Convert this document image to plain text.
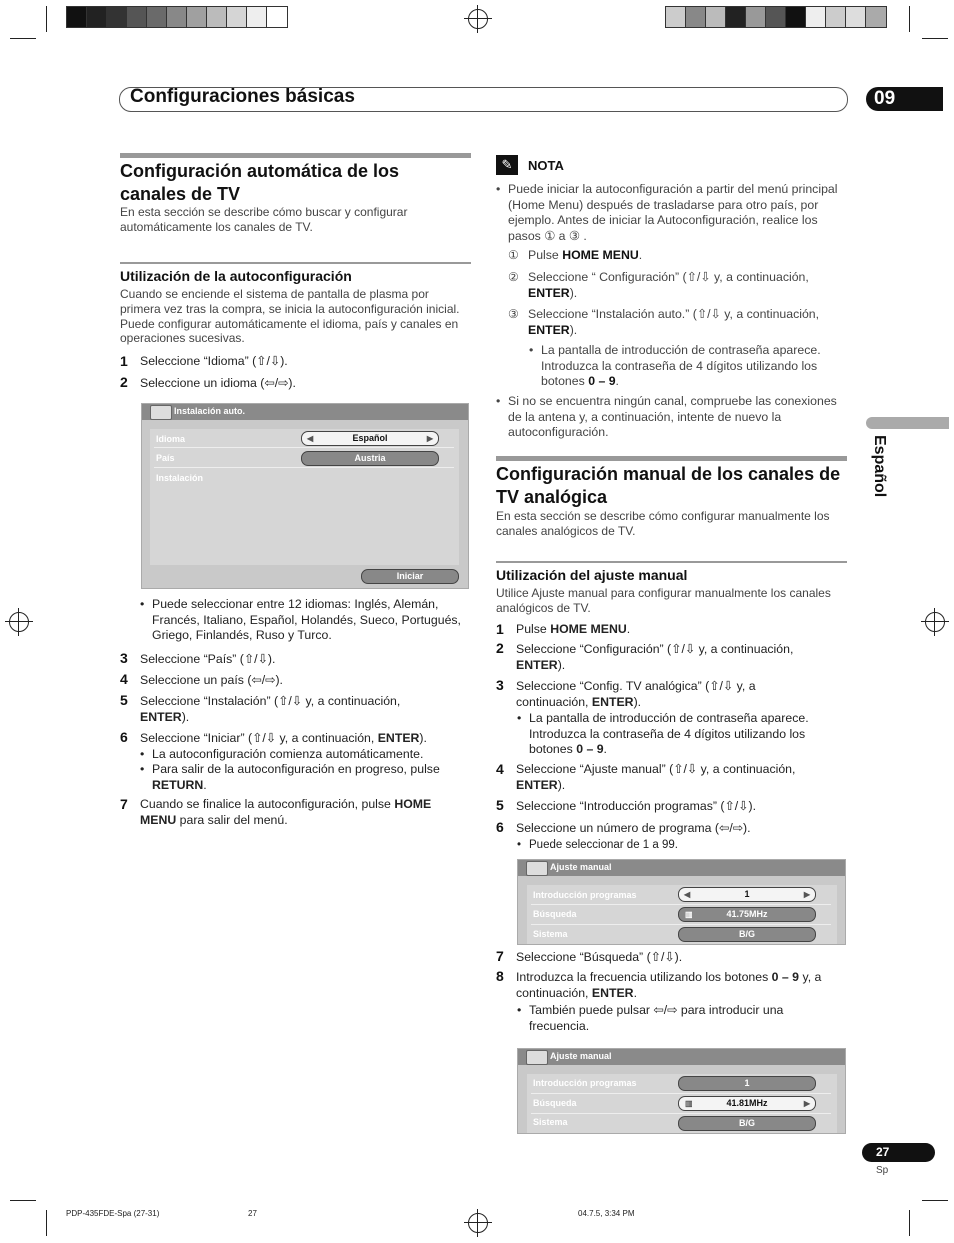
Configuraciones básicas	09
Español
Configuración automática de los canales de TV
En esta sección se describe cómo buscar y configurar automáticamente los canales de TV.
Utilización de la autoconfiguración
Cuando se enciende el sistema de pantalla de plasma por primera vez tras la compra, se inicia la autoconfiguración inicial. Puede configurar automáticamente el idioma, país y canales en operaciones sucesivas.
1 Seleccione “Idioma” (⇧/⇩).
2 Seleccione un idioma (⇦/⇨).
Instalación auto.
Idioma	◀	Español	▶
País	Austria
Instalación
Iniciar
• Puede seleccionar entre 12 idiomas: Inglés, Alemán, Francés, Italiano, Español, Holandés, Sueco, Portugués, Griego, Finlandés, Ruso y Turco.
3 Seleccione “País” (⇧/⇩).
4 Seleccione un país (⇦/⇨).
5 Seleccione “Instalación” (⇧/⇩ y, a continuación,
ENTER).
6 Seleccione “Iniciar” (⇧/⇩ y, a continuación, ENTER).
• La autoconfiguración comienza automáticamente.
• Para salir de la autoconfiguración en progreso, pulse
RETURN.
7 Cuando se finalice la autoconfiguración, pulse HOME
MENU para salir del menú.
✎	NOTA
• Puede iniciar la autoconfiguración a partir del menú principal (Home Menu) después de trasladarse para otro país, por ejemplo. Antes de iniciar la Autoconfiguración, realice los pasos ① a ③ .
① Pulse HOME MENU.
② Seleccione “ Configuración” (⇧/⇩ y, a continuación,
ENTER).
③ Seleccione “Instalación auto.” (⇧/⇩ y, a continuación,
ENTER).
• La pantalla de introducción de contraseña aparece. Introduzca la contraseña de 4 dígitos utilizando los botones 0 – 9.
• Si no se encuentra ningún canal, compruebe las conexiones de la antena y, a continuación, intente de nuevo la autoconfiguración.
Configuración manual de los canales de TV analógica
En esta sección se describe cómo configurar manualmente los canales analógicos de TV.
Utilización del ajuste manual
Utilice Ajuste manual para configurar manualmente los canales analógicos de TV.
1 Pulse HOME MENU.
2 Seleccione “Configuración” (⇧/⇩ y, a continuación,
ENTER).
3 Seleccione “Config. TV analógica” (⇧/⇩ y, a continuación, ENTER).
• La pantalla de introducción de contraseña aparece. Introduzca la contraseña de 4 dígitos utilizando los botones 0 – 9.
4 Seleccione “Ajuste manual” (⇧/⇩ y, a continuación,
ENTER).
5 Seleccione “Introducción programas” (⇧/⇩).
6 Seleccione un número de programa (⇦/⇨).
• Puede seleccionar de 1 a 99.
Ajuste manual
Introducción programas	◀	1	▶
Búsqueda	▥	41.75MHz
Sistema	B/G
7 Seleccione “Búsqueda” (⇧/⇩).
8 Introduzca la frecuencia utilizando los botones 0 – 9 y, a continuación, ENTER.
• También puede pulsar ⇦/⇨ para introducir una frecuencia.
Ajuste manual
Introducción programas	1
Búsqueda	▥	41.81MHz	▶
Sistema	B/G
27
Sp
PDP-435FDE-Spa (27-31)	27	04.7.5, 3:34 PM
